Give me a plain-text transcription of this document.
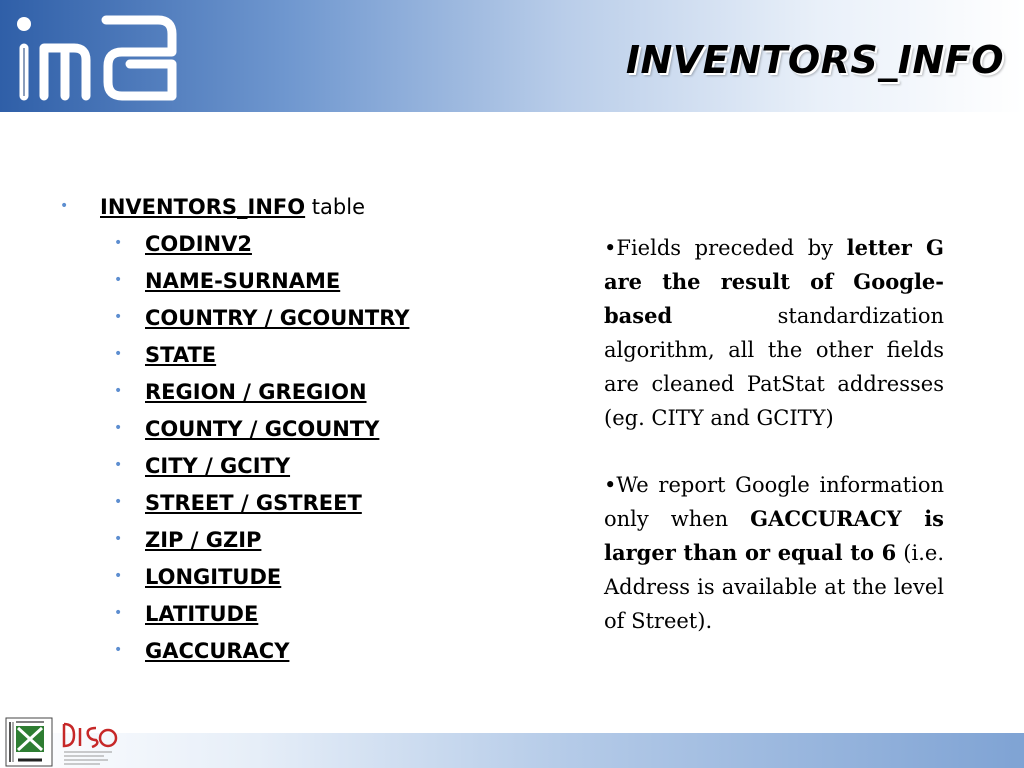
INVENTORS_INFO
• INVENTORS_INFO table
• CODINV2
• NAME-SURNAME
• COUNTRY / GCOUNTRY
• STATE
• REGION / GREGION
• COUNTY / GCOUNTY
• CITY / GCITY
• STREET / GSTREET
• ZIP / GZIP
• LONGITUDE
• LATITUDE
• GACCURACY

•Fields preceded by letter G are the result of Google-based standardization algorithm, all the other fields are cleaned PatStat addresses (eg. CITY and GCITY)

•We report Google information only when GACCURACY is larger than or equal to 6 (i.e. Address is available at the level of Street).
